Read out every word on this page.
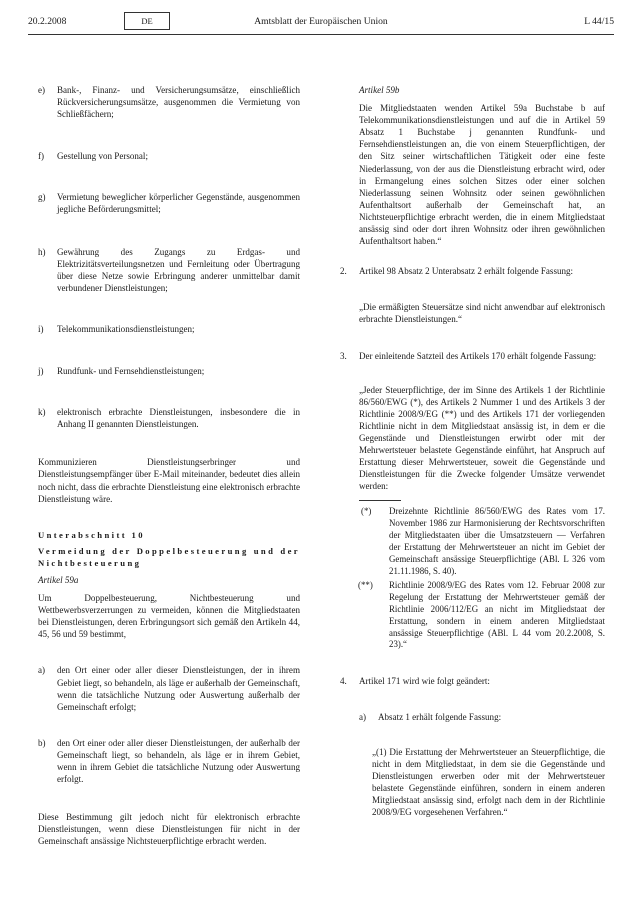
20.2.2008	DE	Amtsblatt der Europäischen Union	L 44/15
e) Bank-, Finanz- und Versicherungsumsätze, einschließlich Rückversicherungsumsätze, ausgenommen die Vermietung von Schließfächern;

f) Gestellung von Personal;

g) Vermietung beweglicher körperlicher Gegenstände, ausgenommen jegliche Beförderungsmittel;

h) Gewährung des Zugangs zu Erdgas- und Elektrizitätsverteilungsnetzen und Fernleitung oder Übertragung über diese Netze sowie Erbringung anderer unmittelbar damit verbundener Dienstleistungen;

i) Telekommunikationsdienstleistungen;

j) Rundfunk- und Fernsehdienstleistungen;

k) elektronisch erbrachte Dienstleistungen, insbesondere die in Anhang II genannten Dienstleistungen.

Kommunizieren Dienstleistungserbringer und Dienstleistungsempfänger über E-Mail miteinander, bedeutet dies allein noch nicht, dass die erbrachte Dienstleistung eine elektronisch erbrachte Dienstleistung wäre.

Unterabschnitt 10

Vermeidung der Doppelbesteuerung und der Nichtbesteuerung

Artikel 59a

Um Doppelbesteuerung, Nichtbesteuerung und Wettbewerbsverzerrungen zu vermeiden, können die Mitgliedstaaten bei Dienstleistungen, deren Erbringungsort sich gemäß den Artikeln 44, 45, 56 und 59 bestimmt,

a) den Ort einer oder aller dieser Dienstleistungen, der in ihrem Gebiet liegt, so behandeln, als läge er außerhalb der Gemeinschaft, wenn die tatsächliche Nutzung oder Auswertung außerhalb der Gemeinschaft erfolgt;

b) den Ort einer oder aller dieser Dienstleistungen, der außerhalb der Gemeinschaft liegt, so behandeln, als läge er in ihrem Gebiet, wenn in ihrem Gebiet die tatsächliche Nutzung oder Auswertung erfolgt.

Diese Bestimmung gilt jedoch nicht für elektronisch erbrachte Dienstleistungen, wenn diese Dienstleistungen für nicht in der Gemeinschaft ansässige Nichtsteuerpflichtige erbracht werden.

Artikel 59b

Die Mitgliedstaaten wenden Artikel 59a Buchstabe b auf Telekommunikationsdienstleistungen und auf die in Artikel 59 Absatz 1 Buchstabe j genannten Rundfunk- und Fernsehdienstleistungen an, die von einem Steuerpflichtigen, der den Sitz seiner wirtschaftlichen Tätigkeit oder eine feste Niederlassung, von der aus die Dienstleistung erbracht wird, oder in Ermangelung eines solchen Sitzes oder einer solchen Niederlassung seinen Wohnsitz oder seinen gewöhnlichen Aufenthaltsort außerhalb der Gemeinschaft hat, an Nichtsteuerpflichtige erbracht werden, die in einem Mitgliedstaat ansässig sind oder dort ihren Wohnsitz oder ihren gewöhnlichen Aufenthaltsort haben.“

2. Artikel 98 Absatz 2 Unterabsatz 2 erhält folgende Fassung:

„Die ermäßigten Steuersätze sind nicht anwendbar auf elektronisch erbrachte Dienstleistungen.“

3. Der einleitende Satzteil des Artikels 170 erhält folgende Fassung:

„Jeder Steuerpflichtige, der im Sinne des Artikels 1 der Richtlinie 86/560/EWG (*), des Artikels 2 Nummer 1 und des Artikels 3 der Richtlinie 2008/9/EG (**) und des Artikels 171 der vorliegenden Richtlinie nicht in dem Mitgliedstaat ansässig ist, in dem er die Gegenstände und Dienstleistungen erwirbt oder mit der Mehrwertsteuer belastete Gegenstände einführt, hat Anspruch auf Erstattung dieser Mehrwertsteuer, soweit die Gegenstände und Dienstleistungen für die Zwecke folgender Umsätze verwendet werden:

(*) Dreizehnte Richtlinie 86/560/EWG des Rates vom 17. November 1986 zur Harmonisierung der Rechtsvorschriften der Mitgliedstaaten über die Umsatzsteuern — Verfahren der Erstattung der Mehrwertsteuer an nicht im Gebiet der Gemeinschaft ansässige Steuerpflichtige (ABl. L 326 vom 21.11.1986, S. 40).

(**) Richtlinie 2008/9/EG des Rates vom 12. Februar 2008 zur Regelung der Erstattung der Mehrwertsteuer gemäß der Richtlinie 2006/112/EG an nicht im Mitgliedstaat der Erstattung, sondern in einem anderen Mitgliedstaat ansässige Steuerpflichtige (ABl. L 44 vom 20.2.2008, S. 23).“

4. Artikel 171 wird wie folgt geändert:

a) Absatz 1 erhält folgende Fassung:

„(1) Die Erstattung der Mehrwertsteuer an Steuerpflichtige, die nicht in dem Mitgliedstaat, in dem sie die Gegenstände und Dienstleistungen erwerben oder mit der Mehrwertsteuer belastete Gegenstände einführen, sondern in einem anderen Mitgliedstaat ansässig sind, erfolgt nach dem in der Richtlinie 2008/9/EG vorgesehenen Verfahren.“
